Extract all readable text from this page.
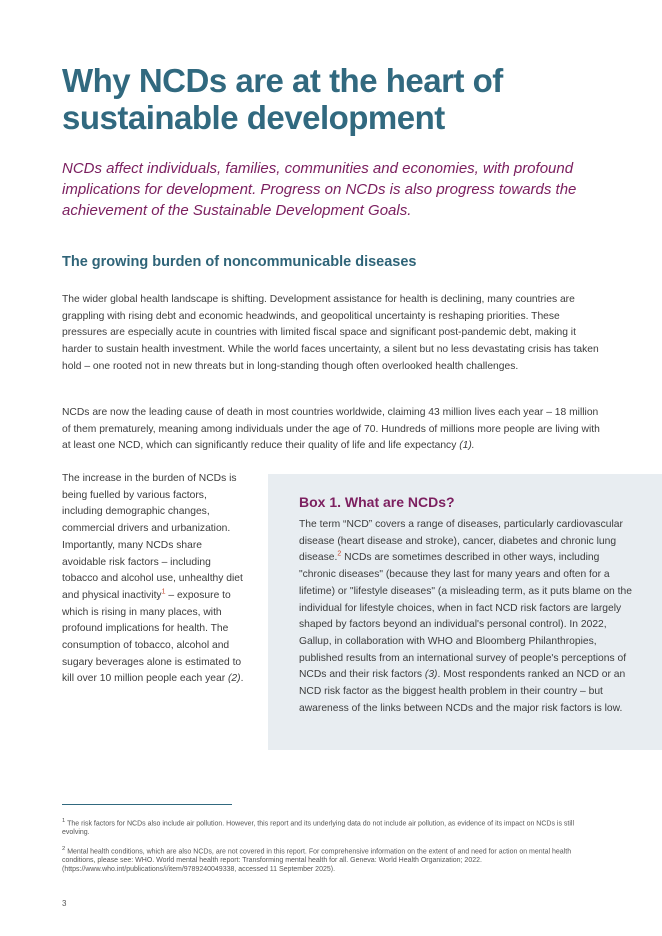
Why NCDs are at the heart of sustainable development

NCDs affect individuals, families, communities and economies, with profound implications for development. Progress on NCDs is also progress towards the achievement of the Sustainable Development Goals.

The growing burden of noncommunicable diseases

The wider global health landscape is shifting. Development assistance for health is declining, many countries are grappling with rising debt and economic headwinds, and geopolitical uncertainty is reshaping priorities. These pressures are especially acute in countries with limited fiscal space and significant post-pandemic debt, making it harder to sustain health investment. While the world faces uncertainty, a silent but no less devastating crisis has taken hold – one rooted not in new threats but in long-standing though often overlooked health challenges.

NCDs are now the leading cause of death in most countries worldwide, claiming 43 million lives each year – 18 million of them prematurely, meaning among individuals under the age of 70. Hundreds of millions more people are living with at least one NCD, which can significantly reduce their quality of life and life expectancy (1).

The increase in the burden of NCDs is being fuelled by various factors, including demographic changes, commercial drivers and urbanization. Importantly, many NCDs share avoidable risk factors – including tobacco and alcohol use, unhealthy diet and physical inactivity$^1$ – exposure to which is rising in many places, with profound implications for health. The consumption of tobacco, alcohol and sugary beverages alone is estimated to kill over 10 million people each year (2).

Box 1. What are NCDs?

The term “NCD” covers a range of diseases, particularly cardiovascular disease (heart disease and stroke), cancer, diabetes and chronic lung disease.$^2$ NCDs are sometimes described in other ways, including "chronic diseases" (because they last for many years and often for a lifetime) or "lifestyle diseases" (a misleading term, as it puts blame on the individual for lifestyle choices, when in fact NCD risk factors are largely shaped by factors beyond an individual's personal control). In 2022, Gallup, in collaboration with WHO and Bloomberg Philanthropies, published results from an international survey of people's perceptions of NCDs and their risk factors (3). Most respondents ranked an NCD or an NCD risk factor as the biggest health problem in their country – but awareness of the links between NCDs and the major risk factors is low.

$^1$ The risk factors for NCDs also include air pollution. However, this report and its underlying data do not include air pollution, as evidence of its impact on NCDs is still evolving.

$^2$ Mental health conditions, which are also NCDs, are not covered in this report. For comprehensive information on the extent of and need for action on mental health conditions, please see: WHO. World mental health report: Transforming mental health for all. Geneva: World Health Organization; 2022. (https://www.who.int/publications/i/item/9789240049338, accessed 11 September 2025).

3
